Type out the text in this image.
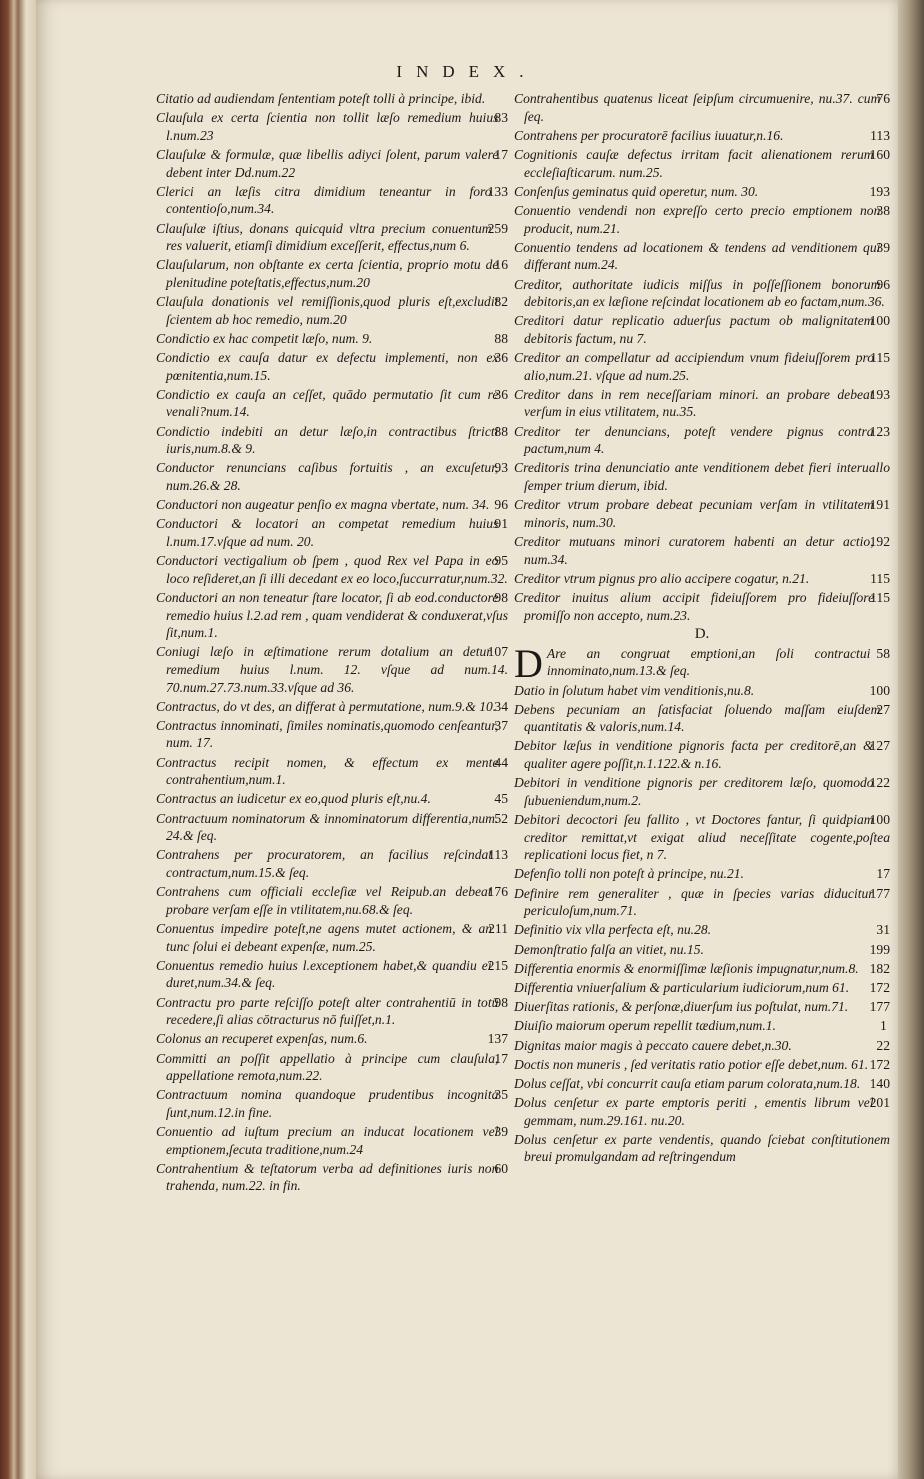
INDEX.
Citatio ad audiendam ſententiam poteſt tolli à principe, ibid.
83
Clauſula ex certa ſcientia non tollit læſo remedium huius l.num.23
17
Clauſulæ & formulæ, quæ libellis adiyci ſolent, parum valere debent inter Dd.num.22
133
Clerici an læſis citra dimidium teneantur in foro contentioſo,num.34.
259
Clauſulæ iſtius, donans quicquid vltra precium conuentum res valuerit, etiamſi dimidium exceſſerit, effectus,num 6.
16
Clauſularum, non obſtante ex certa ſcientia, proprio motu de plenitudine poteſtatis,effectus,num.20
82
Clauſula donationis vel remiſſionis,quod pluris eſt,excludit ſcientem ab hoc remedio, num.20
88
Condictio ex hac competit læſo, num. 9.
36
Condictio ex cauſa datur ex defectu implementi, non ex pœnitentia,num.15.
36
Condictio ex cauſa an ceſſet, quādo permutatio ſit cum re venali?num.14.
88
Condictio indebiti an detur læſo,in contractibus ſtricti iuris,num.8.& 9.
93
Conductor renuncians caſibus fortuitis , an excuſetur, num.26.& 28.
96
Conductori non augeatur penſio ex magna vbertate, num. 34.
91
Conductori & locatori an competat remedium huius l.num.17.vſque ad num. 20.
95
Conductori vectigalium ob ſpem , quod Rex vel Papa in eo loco reſideret,an ſi illi decedant ex eo loco,ſuccurratur,num.32.
98
Conductori an non teneatur ſtare locator, ſi ab eod.conductore remedio huius l.2.ad rem , quam vendiderat & conduxerat,vſus ſit,num.1.
107
Coniugi læſo in æſtimatione rerum dotalium an detur remedium huius l.num. 12. vſque ad num.14. 70.num.27.73.num.33.vſque ad 36.
34
Contractus, do vt des, an differat à permutatione, num.9.& 10.
37
Contractus innominati, ſimiles nominatis,quomodo cenſeantur, num. 17.
44
Contractus recipit nomen, & effectum ex mente contrahentium,num.1.
45
Contractus an iudicetur ex eo,quod pluris eſt,nu.4.
52
Contractuum nominatorum & innominatorum differentia,num. 24.& ſeq.
113
Contrahens per procuratorem, an facilius reſcindat contractum,num.15.& ſeq.
176
Contrahens cum officiali eccleſiæ vel Reipub.an debeat probare verſam eſſe in vtilitatem,nu.68.& ſeq.
211
Conuentus impedire poteſt,ne agens mutet actionem, & an tunc ſolui ei debeant expenſæ, num.25.
215
Conuentus remedio huius l.exceptionem habet,& quandiu ei duret,num.34.& ſeq.
98
Contractu pro parte reſciſſo poteſt alter contrahentiū in totū recedere,ſi alias cōtracturus nō fuiſſet,n.1.
137
Colonus an recuperet expenſas, num.6.
17
Committi an poſſit appellatio à principe cum clauſula, appellatione remota,num.22.
35
Contractuum nomina quandoque prudentibus incognita ſunt,num.12.in fine.
39
Conuentio ad iuſtum precium an inducat locationem vel emptionem,ſecuta traditione,num.24
60
Contrahentium & teſtatorum verba ad definitiones iuris non trahenda, num.22. in fin.
76
Contrahentibus quatenus liceat ſeipſum circumuenire, nu.37. cum ſeq.
113
Contrahens per procuratorē facilius iuuatur,n.16.
160
Cognitionis cauſæ defectus irritam facit alienationem rerum eccleſiaſticarum. num.25.
193
Conſenſus geminatus quid operetur, num. 30.
38
Conuentio vendendi non expreſſo certo precio emptionem non producit, num.21.
39
Conuentio tendens ad locationem & tendens ad venditionem qui differant num.24.
96
Creditor, authoritate iudicis miſſus in poſſeſſionem bonorum debitoris,an ex læſione reſcindat locationem ab eo factam,num.36.
100
Creditori datur replicatio aduerſus pactum ob malignitatem debitoris factum, nu 7.
115
Creditor an compellatur ad accipiendum vnum fideiuſſorem pro alio,num.21. vſque ad num.25.
193
Creditor dans in rem neceſſariam minori. an probare debeat verſum in eius vtilitatem, nu.35.
123
Creditor ter denuncians, poteſt vendere pignus contra pactum,num 4.
Creditoris trina denunciatio ante venditionem debet fieri interuallo ſemper trium dierum, ibid.
191
Creditor vtrum probare debeat pecuniam verſam in vtilitatem minoris, num.30.
192
Creditor mutuans minori curatorem habenti an detur actio, num.34.
115
Creditor vtrum pignus pro alio accipere cogatur, n.21.
115
Creditor inuitus alium accipit fideiuſſorem pro fideiuſſore promiſſo non accepto, num.23.
D.
D	58
Are an congruat emptioni,an ſoli contractui innominato,num.13.& ſeq.
100
Datio in ſolutum habet vim venditionis,nu.8.
27
Debens pecuniam an ſatisfaciat ſoluendo maſſam eiuſdem quantitatis & valoris,num.14.
127
Debitor læſus in venditione pignoris facta per creditorē,an & qualiter agere poſſit,n.1.122.& n.16.
122
Debitori in venditione pignoris per creditorem læſo, quomodo ſubueniendum,num.2.
100
Debitori decoctori ſeu fallito , vt Doctores fantur, ſi quidpiam creditor remittat,vt exigat aliud neceſſitate cogente,poſtea replicationi locus fiet, n 7.
17
Defenſio tolli non poteſt à principe, nu.21.
177
Definire rem generaliter , quæ in ſpecies varias diducitur periculoſum,num.71.
31
Definitio vix vlla perfecta eſt, nu.28.
199
Demonſtratio falſa an vitiet, nu.15.
182
Differentia enormis & enormiſſimæ læſionis impugnatur,num.8.
172
Differentia vniuerſalium & particularium iudiciorum,num 61.
177
Diuerſitas rationis, & perſonæ,diuerſum ius poſtulat, num.71.
1
Diuiſio maiorum operum repellit tædium,num.1.
22
Dignitas maior magis à peccato cauere debet,n.30.
172
Doctis non muneris , ſed veritatis ratio potior eſſe debet,num. 61.
140
Dolus ceſſat, vbi concurrit cauſa etiam parum colorata,num.18.
201
Dolus cenſetur ex parte emptoris periti , ementis librum vel gemmam, num.29.161. nu.20.
Dolus cenſetur ex parte vendentis, quando ſciebat conſtitutionem breui promulgandam ad reſtringendum
